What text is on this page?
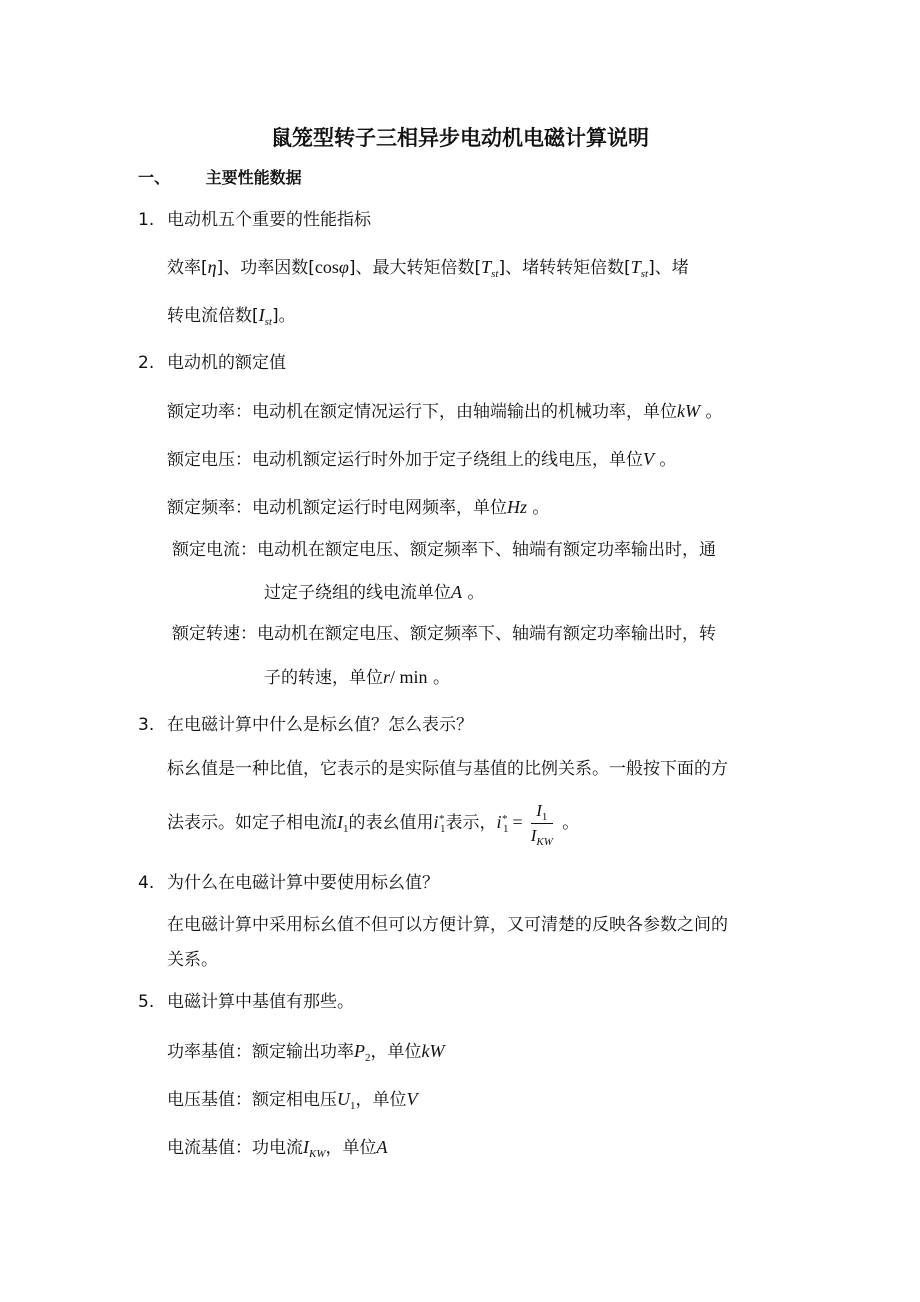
鼠笼型转子三相异步电动机电磁计算说明
一、 主要性能数据
1. 电动机五个重要的性能指标
效率[η]、功率因数[cosφ]、最大转矩倍数$[T_{st}]$、堵转转矩倍数$[T_{st}]$、堵
转电流倍数$[I_{st}]$。
2. 电动机的额定值
额定功率：电动机在额定情况运行下，由轴端输出的机械功率，单位kW 。
额定电压：电动机额定运行时外加于定子绕组上的线电压，单位V 。
额定频率：电动机额定运行时电网频率，单位Hz 。
额定电流：电动机在额定电压、额定频率下、轴端有额定功率输出时，通
过定子绕组的线电流单位A 。
额定转速：电动机在额定电压、额定频率下、轴端有额定功率输出时，转
子的转速，单位r/ min 。
3. 在电磁计算中什么是标幺值？怎么表示？
标幺值是一种比值，它表示的是实际值与基值的比例关系。一般按下面的方
法表示。如定子相电流$I_1$的表幺值用$i^*_1$表示，$i^*_1 = \frac{I_1}{I_{KW}}$ 。
4. 为什么在电磁计算中要使用标幺值？
在电磁计算中采用标幺值不但可以方便计算，又可清楚的反映各参数之间的
关系。
5. 电磁计算中基值有那些。
功率基值：额定输出功率$P_2$，单位kW
电压基值：额定相电压$U_1$，单位V
电流基值：功电流$I_{KW}$，单位A
